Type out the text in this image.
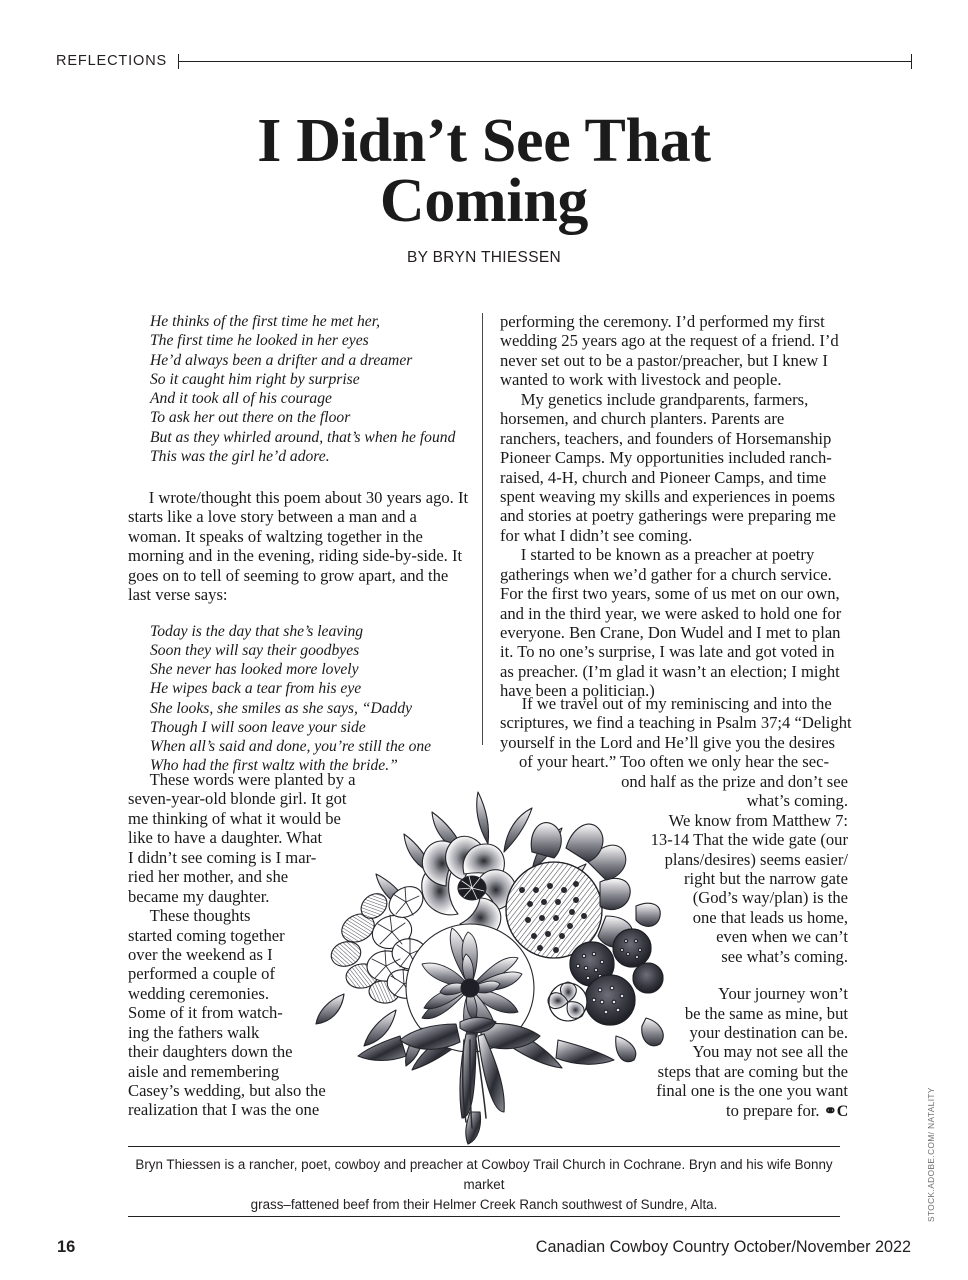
REFLECTIONS
I Didn’t See That
Coming
BY BRYN THIESSEN
He thinks of the first time he met her,
The first time he looked in her eyes
He’d always been a drifter and a dreamer
So it caught him right by surprise
And it took all of his courage
To ask her out there on the floor
But as they whirled around, that’s when he found
This was the girl he’d adore.

I wrote/thought this poem about 30 years ago. It starts like a love story between a man and a woman. It speaks of waltzing together in the morning and in the evening, riding side-by-side. It goes on to tell of seeming to grow apart, and the last verse says:

Today is the day that she’s leaving
Soon they will say their goodbyes
She never has looked more lovely
He wipes back a tear from his eye
She looks, she smiles as she says, “Daddy
Though I will soon leave your side
When all’s said and done, you’re still the one
Who had the first waltz with the bride.”
These words were planted by a
seven-year-old blonde girl. It got
me thinking of what it would be
like to have a daughter. What
I didn’t see coming is I mar-
ried her mother, and she
became my daughter.
These thoughts
started coming together
over the weekend as I
performed a couple of
wedding ceremonies.
Some of it from watch-
ing the fathers walk
their daughters down the
aisle and remembering
Casey’s wedding, but also the
realization that I was the one

performing the ceremony. I’d performed my first wedding 25 years ago at the request of a friend. I’d never set out to be a pastor/preacher, but I knew I wanted to work with livestock and people.

My genetics include grandparents, farmers, horsemen, and church planters. Parents are ranchers, teachers, and founders of Horsemanship Pioneer Camps. My opportunities included ranch-raised, 4-H, church and Pioneer Camps, and time spent weaving my skills and experiences in poems and stories at poetry gatherings were preparing me for what I didn’t see coming.

I started to be known as a preacher at poetry gatherings when we’d gather for a church service. For the first two years, some of us met on our own, and in the third year, we were asked to hold one for everyone. Ben Crane, Don Wudel and I met to plan it. To no one’s surprise, I was late and got voted in as preacher. (I’m glad it wasn’t an election; I might have been a politician.)

If we travel out of my reminiscing and into the
scriptures, we find a teaching in Psalm 37;4 “Delight
yourself in the Lord and He’ll give you the desires
of your heart.” Too often we only hear the sec-
ond half as the prize and don’t see
what’s coming.
We know from Matthew 7:
13-14 That the wide gate (our
plans/desires) seems easier/
right but the narrow gate
(God’s way/plan) is the
one that leads us home,
even when we can’t
see what’s coming.
Your journey won’t
be the same as mine, but
your destination can be.
You may not see all the
steps that are coming but the
final one is the one you want
to prepare for. ⚭C
Bryn Thiessen is a rancher, poet, cowboy and preacher at Cowboy Trail Church in Cochrane. Bryn and his wife Bonny market
grass–fattened beef from their Helmer Creek Ranch southwest of Sundre, Alta.
16	Canadian Cowboy Country October/November 2022
STOCK.ADOBE.COM/ NATALITY
